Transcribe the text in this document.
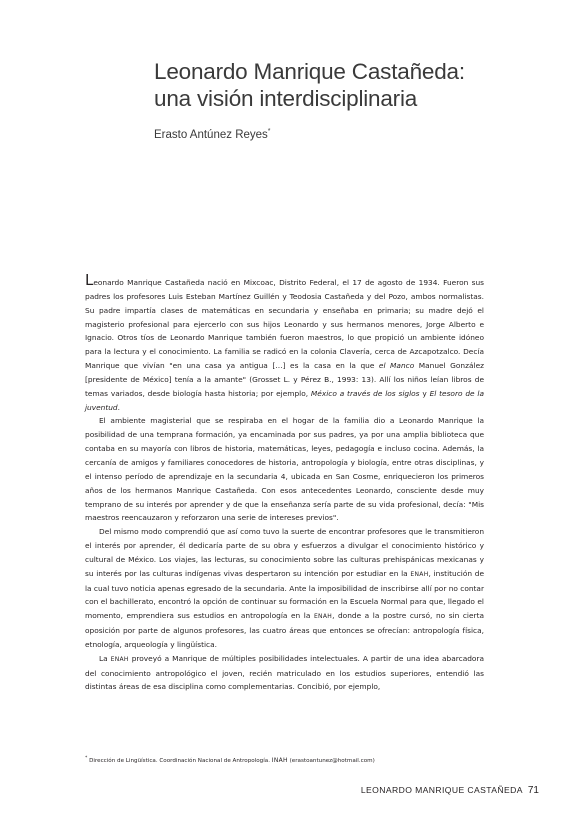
Leonardo Manrique Castañeda:
una visión interdisciplinaria
Erasto Antúnez Reyes*

Leonardo Manrique Castañeda nació en Mixcoac, Distrito Federal, el 17 de agosto de 1934. Fueron sus padres los profesores Luis Esteban Martínez Guillén y Teodosia Castañeda y del Pozo, ambos normalistas. Su padre impartía clases de matemáticas en secundaria y enseñaba en primaria; su madre dejó el magisterio profesional para ejercerlo con sus hijos Leonardo y sus hermanos menores, Jorge Alberto e Ignacio. Otros tíos de Leonardo Manrique también fueron maestros, lo que propició un ambiente idóneo para la lectura y el conocimiento. La familia se radicó en la colonia Clavería, cerca de Azcapotzalco. Decía Manrique que vivían "en una casa ya antigua […] es la casa en la que el Manco Manuel González [presidente de México] tenía a la amante" (Grosset L. y Pérez B., 1993: 13). Allí los niños leían libros de temas variados, desde biología hasta historia; por ejemplo, México a través de los siglos y El tesoro de la juventud.

El ambiente magisterial que se respiraba en el hogar de la familia dio a Leonardo Manrique la posibilidad de una temprana formación, ya encaminada por sus padres, ya por una amplia biblioteca que contaba en su mayoría con libros de historia, matemáticas, leyes, pedagogía e incluso cocina. Además, la cercanía de amigos y familiares conocedores de historia, antropología y biología, entre otras disciplinas, y el intenso período de aprendizaje en la secundaria 4, ubicada en San Cosme, enriquecieron los primeros años de los hermanos Manrique Castañeda. Con esos antecedentes Leonardo, consciente desde muy temprano de su interés por aprender y de que la enseñanza sería parte de su vida profesional, decía: "Mis maestros reencauzaron y reforzaron una serie de intereses previos".

Del mismo modo comprendió que así como tuvo la suerte de encontrar profesores que le transmitieron el interés por aprender, él dedicaría parte de su obra y esfuerzos a divulgar el conocimiento histórico y cultural de México. Los viajes, las lecturas, su conocimiento sobre las culturas prehispánicas mexicanas y su interés por las culturas indígenas vivas despertaron su intención por estudiar en la ENAH, institución de la cual tuvo noticia apenas egresado de la secundaria. Ante la imposibilidad de inscribirse allí por no contar con el bachillerato, encontró la opción de continuar su formación en la Escuela Normal para que, llegado el momento, emprendiera sus estudios en antropología en la ENAH, donde a la postre cursó, no sin cierta oposición por parte de algunos profesores, las cuatro áreas que entonces se ofrecían: antropología física, etnología, arqueología y lingüística.

La ENAH proveyó a Manrique de múltiples posibilidades intelectuales. A partir de una idea abarcadora del conocimiento antropológico el joven, recién matriculado en los estudios superiores, entendió las distintas áreas de esa disciplina como complementarias. Concibió, por ejemplo,

* Dirección de Lingüística. Coordinación Nacional de Antropología. INAH (erastoantunez@hotmail.com)
LEONARDO MANRIQUE CASTAÑEDA 71
